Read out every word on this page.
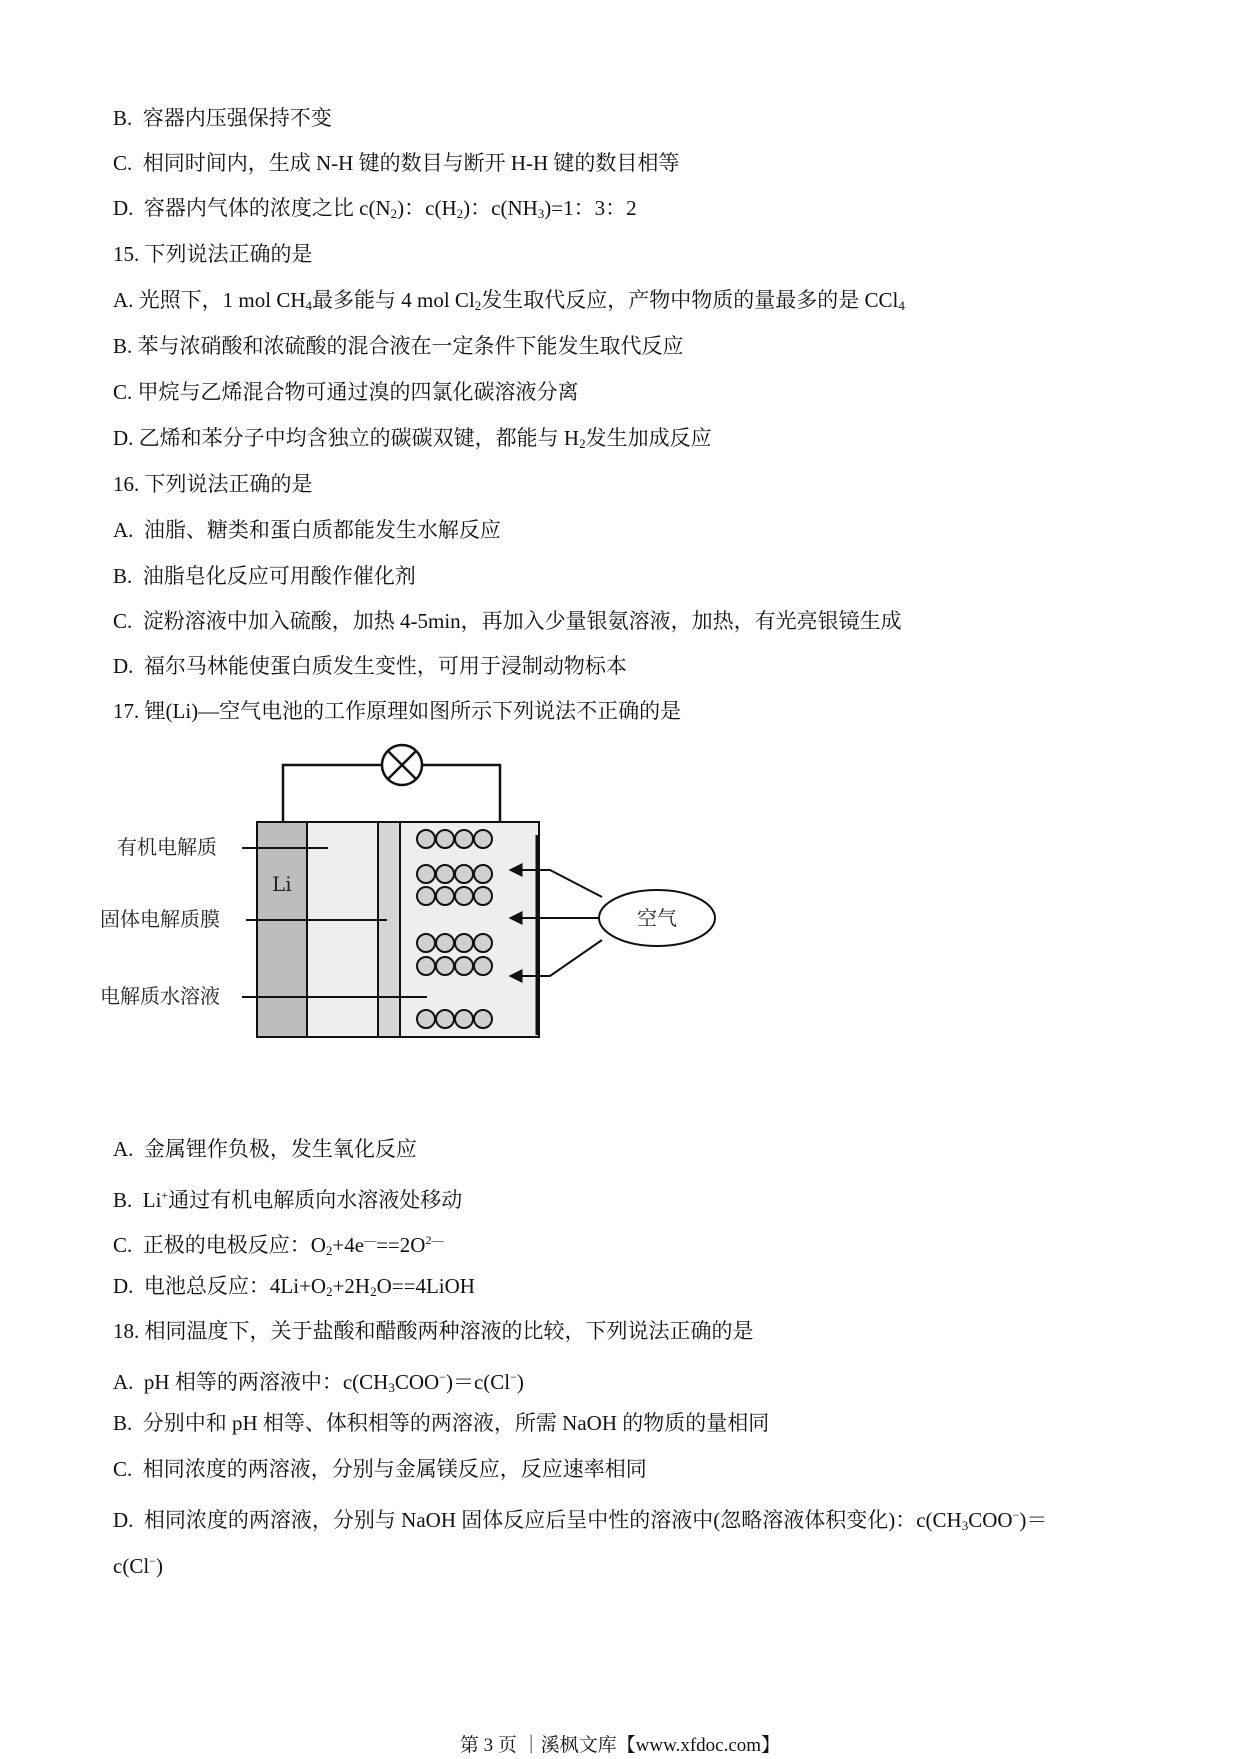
B.  容器内压强保持不变
C.  相同时间内，生成 N-H 键的数目与断开 H-H 键的数目相等
D.  容器内气体的浓度之比 $c(N_2)$：$c(H_2)$：$c(NH_3)=1$：3：2
15. 下列说法正确的是
A. 光照下，1 mol $CH_4$最多能与 4 mol $Cl_2$发生取代反应，产物中物质的量最多的是 CCl$_4$
B. 苯与浓硝酸和浓硫酸的混合液在一定条件下能发生取代反应
C. 甲烷与乙烯混合物可通过溴的四氯化碳溶液分离
D. 乙烯和苯分子中均含独立的碳碳双键，都能与 $H_2$发生加成反应
16. 下列说法正确的是
A.  油脂、糖类和蛋白质都能发生水解反应
B.  油脂皂化反应可用酸作催化剂
C.  淀粉溶液中加入硫酸，加热 4-5min，再加入少量银氨溶液，加热，有光亮银镜生成
D.  福尔马林能使蛋白质发生变性，可用于浸制动物标本
17. 锂(Li)—空气电池的工作原理如图所示下列说法不正确的是
有机电解质
固体电解质膜
电解质水溶液
Li
空气
A.  金属锂作负极，发生氧化反应
B.  Li+通过有机电解质向水溶液处移动
C.  正极的电极反应：$O_2+4e^—==2O^{2—}$
D.  电池总反应：$4Li+O_2+2H_2O==4LiOH$
18. 相同温度下，关于盐酸和醋酸两种溶液的比较，下列说法正确的是
A.  pH 相等的两溶液中：$c(CH_3COO^-)=c(Cl^-)$
B.  分别中和 pH 相等、体积相等的两溶液，所需 NaOH 的物质的量相同
C.  相同浓度的两溶液，分别与金属镁反应，反应速率相同
D.  相同浓度的两溶液，分别与 NaOH 固体反应后呈中性的溶液中(忽略溶液体积变化)：$c(CH_3COO^-)=$
c(Cl−)
第 3 页 ｜溪枫文库【www.xfdoc.com】
